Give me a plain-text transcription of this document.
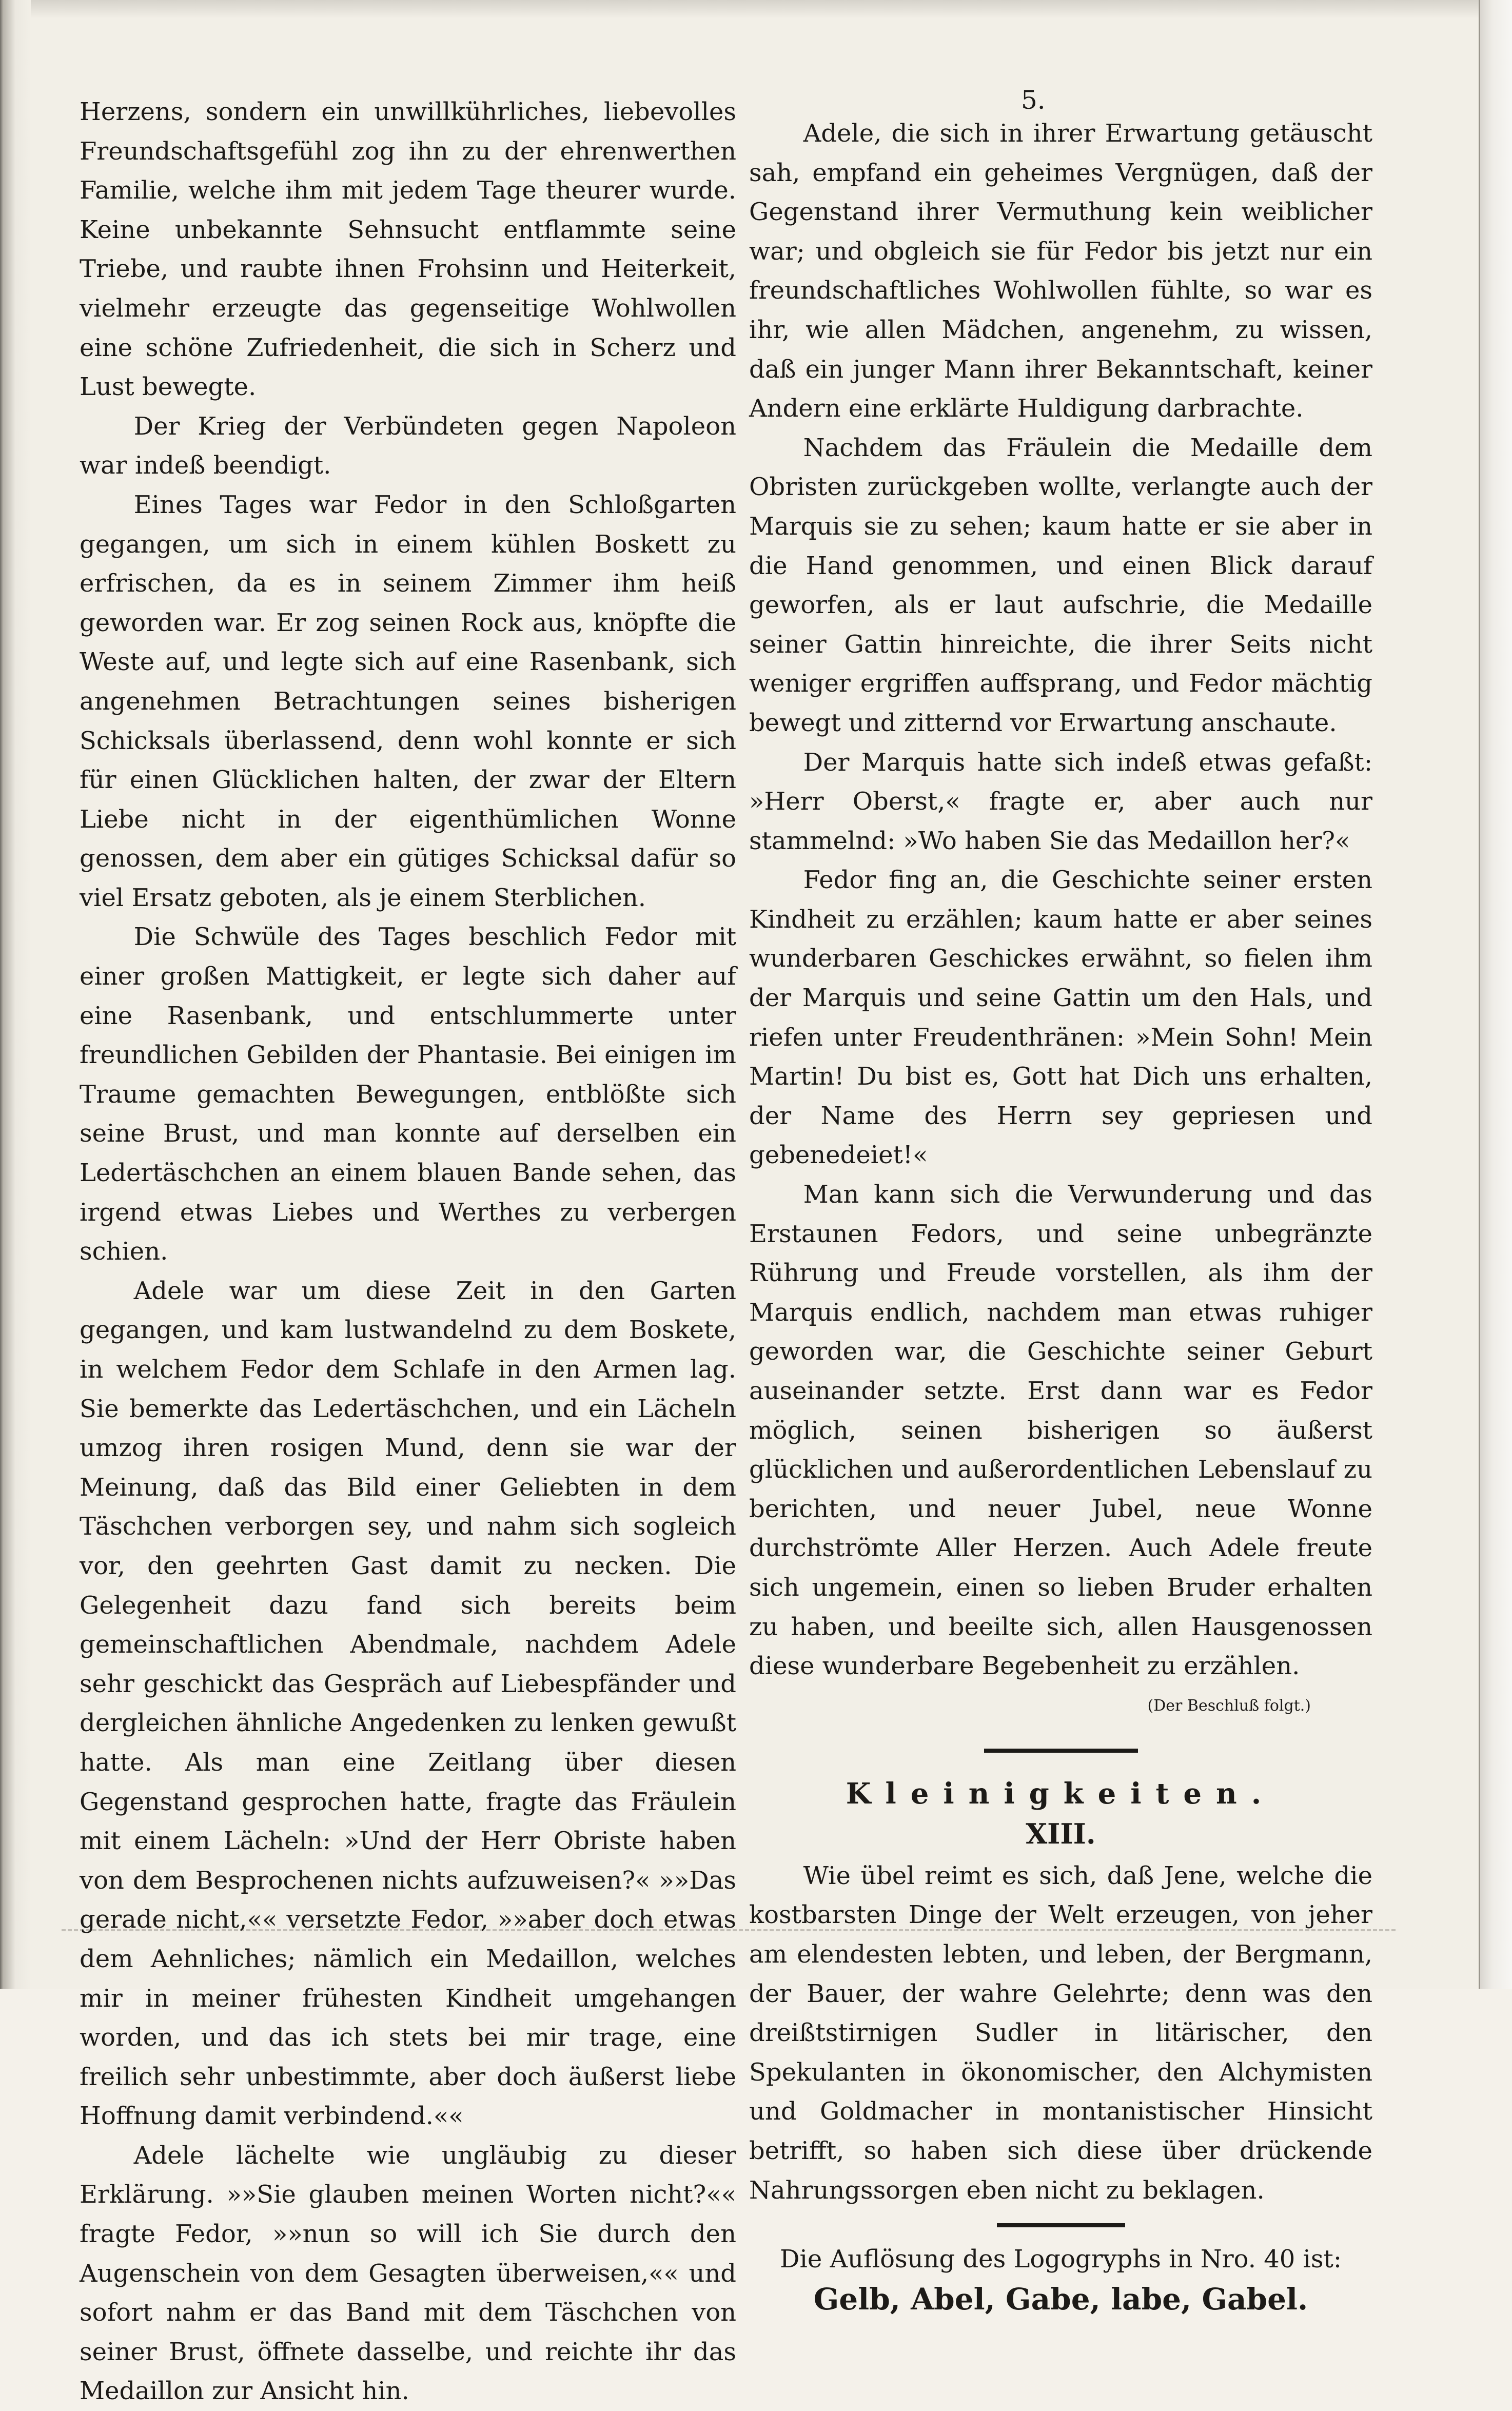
5.

Herzens, sondern ein unwillkührliches, liebevolles Freundschaftsgefühl zog ihn zu der ehrenwerthen Familie, welche ihm mit jedem Tage theurer wurde. Keine unbekannte Sehnsucht entflammte seine Triebe, und raubte ihnen Frohsinn und Heiterkeit, vielmehr erzeugte das gegenseitige Wohlwollen eine schöne Zufriedenheit, die sich in Scherz und Lust bewegte.

Der Krieg der Verbündeten gegen Napoleon war indeß beendigt.

Eines Tages war Fedor in den Schloßgarten gegangen, um sich in einem kühlen Boskett zu erfrischen, da es in seinem Zimmer ihm heiß geworden war. Er zog seinen Rock aus, knöpfte die Weste auf, und legte sich auf eine Rasenbank, sich angenehmen Betrachtungen seines bisherigen Schicksals überlassend, denn wohl konnte er sich für einen Glücklichen halten, der zwar der Eltern Liebe nicht in der eigenthümlichen Wonne genossen, dem aber ein gütiges Schicksal dafür so viel Ersatz geboten, als je einem Sterblichen.

Die Schwüle des Tages beschlich Fedor mit einer großen Mattigkeit, er legte sich daher auf eine Rasenbank, und entschlummerte unter freundlichen Gebilden der Phantasie. Bei einigen im Traume gemachten Bewegungen, entblößte sich seine Brust, und man konnte auf derselben ein Ledertäschchen an einem blauen Bande sehen, das irgend etwas Liebes und Werthes zu verbergen schien.

Adele war um diese Zeit in den Garten gegangen, und kam lustwandelnd zu dem Boskete, in welchem Fedor dem Schlafe in den Armen lag. Sie bemerkte das Ledertäschchen, und ein Lächeln umzog ihren rosigen Mund, denn sie war der Meinung, daß das Bild einer Geliebten in dem Täschchen verborgen sey, und nahm sich sogleich vor, den geehrten Gast damit zu necken. Die Gelegenheit dazu fand sich bereits beim gemeinschaftlichen Abendmale, nachdem Adele sehr geschickt das Gespräch auf Liebespfänder und dergleichen ähnliche Angedenken zu lenken gewußt hatte. Als man eine Zeitlang über diesen Gegenstand gesprochen hatte, fragte das Fräulein mit einem Lächeln: »Und der Herr Obriste haben von dem Besprochenen nichts aufzuweisen?« »»Das gerade nicht,«« versetzte Fedor, »»aber doch etwas dem Aehnliches; nämlich ein Medaillon, welches mir in meiner frühesten Kindheit umgehangen worden, und das ich stets bei mir trage, eine freilich sehr unbestimmte, aber doch äußerst liebe Hoffnung damit verbindend.««

Adele lächelte wie ungläubig zu dieser Erklärung. »»Sie glauben meinen Worten nicht?«« fragte Fedor, »»nun so will ich Sie durch den Augenschein von dem Gesagten überweisen,«« und sofort nahm er das Band mit dem Täschchen von seiner Brust, öffnete dasselbe, und reichte ihr das Medaillon zur Ansicht hin.

Adele, die sich in ihrer Erwartung getäuscht sah, empfand ein geheimes Vergnügen, daß der Gegenstand ihrer Vermuthung kein weiblicher war; und obgleich sie für Fedor bis jetzt nur ein freundschaftliches Wohlwollen fühlte, so war es ihr, wie allen Mädchen, angenehm, zu wissen, daß ein junger Mann ihrer Bekanntschaft, keiner Andern eine erklärte Huldigung darbrachte.

Nachdem das Fräulein die Medaille dem Obristen zurückgeben wollte, verlangte auch der Marquis sie zu sehen; kaum hatte er sie aber in die Hand genommen, und einen Blick darauf geworfen, als er laut aufschrie, die Medaille seiner Gattin hinreichte, die ihrer Seits nicht weniger ergriffen auffsprang, und Fedor mächtig bewegt und zitternd vor Erwartung anschaute.

Der Marquis hatte sich indeß etwas gefaßt: »Herr Oberst,« fragte er, aber auch nur stammelnd: »Wo haben Sie das Medaillon her?«

Fedor fing an, die Geschichte seiner ersten Kindheit zu erzählen; kaum hatte er aber seines wunderbaren Geschickes erwähnt, so fielen ihm der Marquis und seine Gattin um den Hals, und riefen unter Freudenthränen: »Mein Sohn! Mein Martin! Du bist es, Gott hat Dich uns erhalten, der Name des Herrn sey gepriesen und gebenedeiet!«

Man kann sich die Verwunderung und das Erstaunen Fedors, und seine unbegränzte Rührung und Freude vorstellen, als ihm der Marquis endlich, nachdem man etwas ruhiger geworden war, die Geschichte seiner Geburt auseinander setzte. Erst dann war es Fedor möglich, seinen bisherigen so äußerst glücklichen und außerordentlichen Lebenslauf zu berichten, und neuer Jubel, neue Wonne durchströmte Aller Herzen. Auch Adele freute sich ungemein, einen so lieben Bruder erhalten zu haben, und beeilte sich, allen Hausgenossen diese wunderbare Begebenheit zu erzählen.

(Der Beschluß folgt.)

Kleinigkeiten.

XIII.

Wie übel reimt es sich, daß Jene, welche die kostbarsten Dinge der Welt erzeugen, von jeher am elendesten lebten, und leben, der Bergmann, der Bauer, der wahre Gelehrte; denn was den dreißtstirnigen Sudler in litärischer, den Spekulanten in ökonomischer, den Alchymisten und Goldmacher in montanistischer Hinsicht betrifft, so haben sich diese über drückende Nahrungssorgen eben nicht zu beklagen.

Die Auflösung des Logogryphs in Nro. 40 ist:

Gelb, Abel, Gabe, labe, Gabel.
